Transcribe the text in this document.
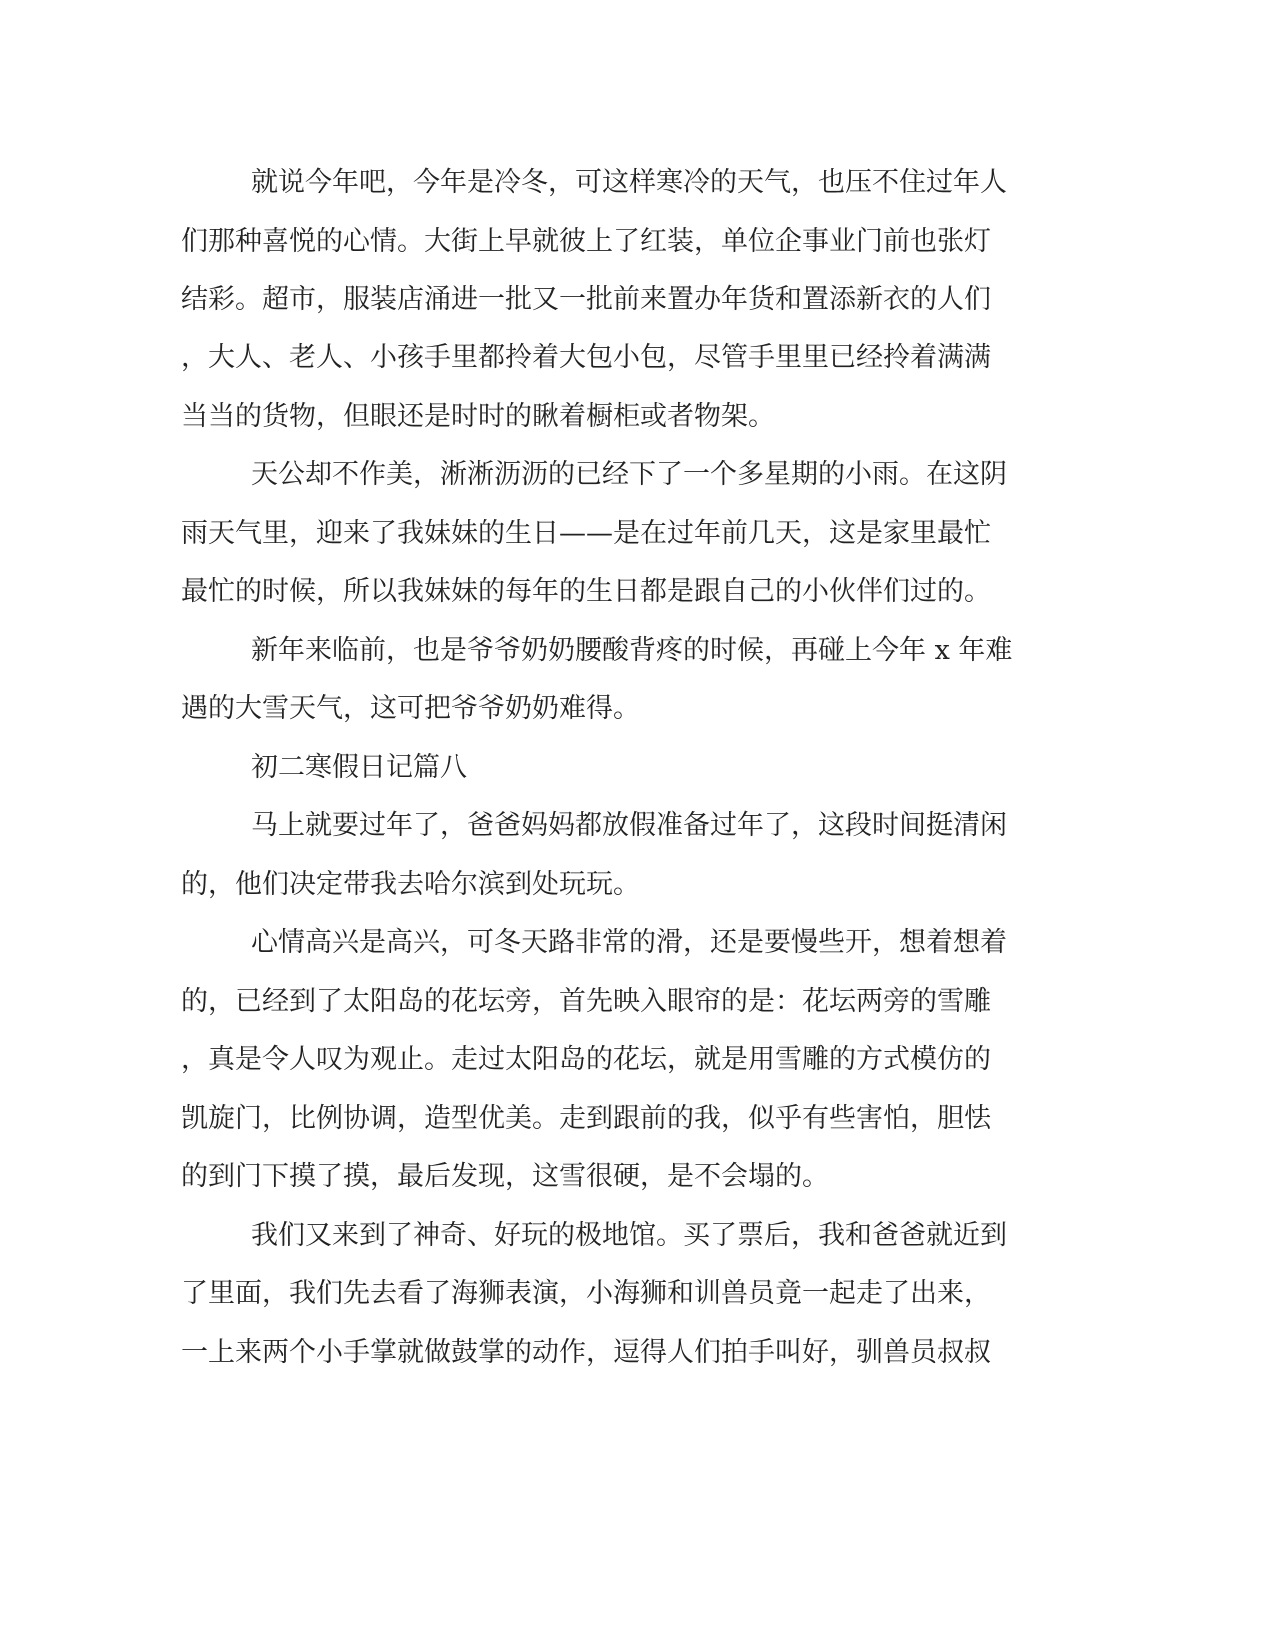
就说今年吧，今年是冷冬，可这样寒冷的天气，也压不住过年人
们那种喜悦的心情。大街上早就彼上了红装，单位企事业门前也张灯
结彩。超市，服装店涌进一批又一批前来置办年货和置添新衣的人们
，大人、老人、小孩手里都拎着大包小包，尽管手里里已经拎着满满
当当的货物，但眼还是时时的瞅着橱柜或者物架。
天公却不作美，淅淅沥沥的已经下了一个多星期的小雨。在这阴
雨天气里，迎来了我妹妹的生日——是在过年前几天，这是家里最忙
最忙的时候，所以我妹妹的每年的生日都是跟自己的小伙伴们过的。
新年来临前，也是爷爷奶奶腰酸背疼的时候，再碰上今年 x 年难
遇的大雪天气，这可把爷爷奶奶难得。
初二寒假日记篇八
马上就要过年了，爸爸妈妈都放假准备过年了，这段时间挺清闲
的，他们决定带我去哈尔滨到处玩玩。
心情高兴是高兴，可冬天路非常的滑，还是要慢些开，想着想着
的，已经到了太阳岛的花坛旁，首先映入眼帘的是：花坛两旁的雪雕
，真是令人叹为观止。走过太阳岛的花坛，就是用雪雕的方式模仿的
凯旋门，比例协调，造型优美。走到跟前的我，似乎有些害怕，胆怯
的到门下摸了摸，最后发现，这雪很硬，是不会塌的。
我们又来到了神奇、好玩的极地馆。买了票后，我和爸爸就近到
了里面，我们先去看了海狮表演，小海狮和训兽员竟一起走了出来，
一上来两个小手掌就做鼓掌的动作，逗得人们拍手叫好，驯兽员叔叔
